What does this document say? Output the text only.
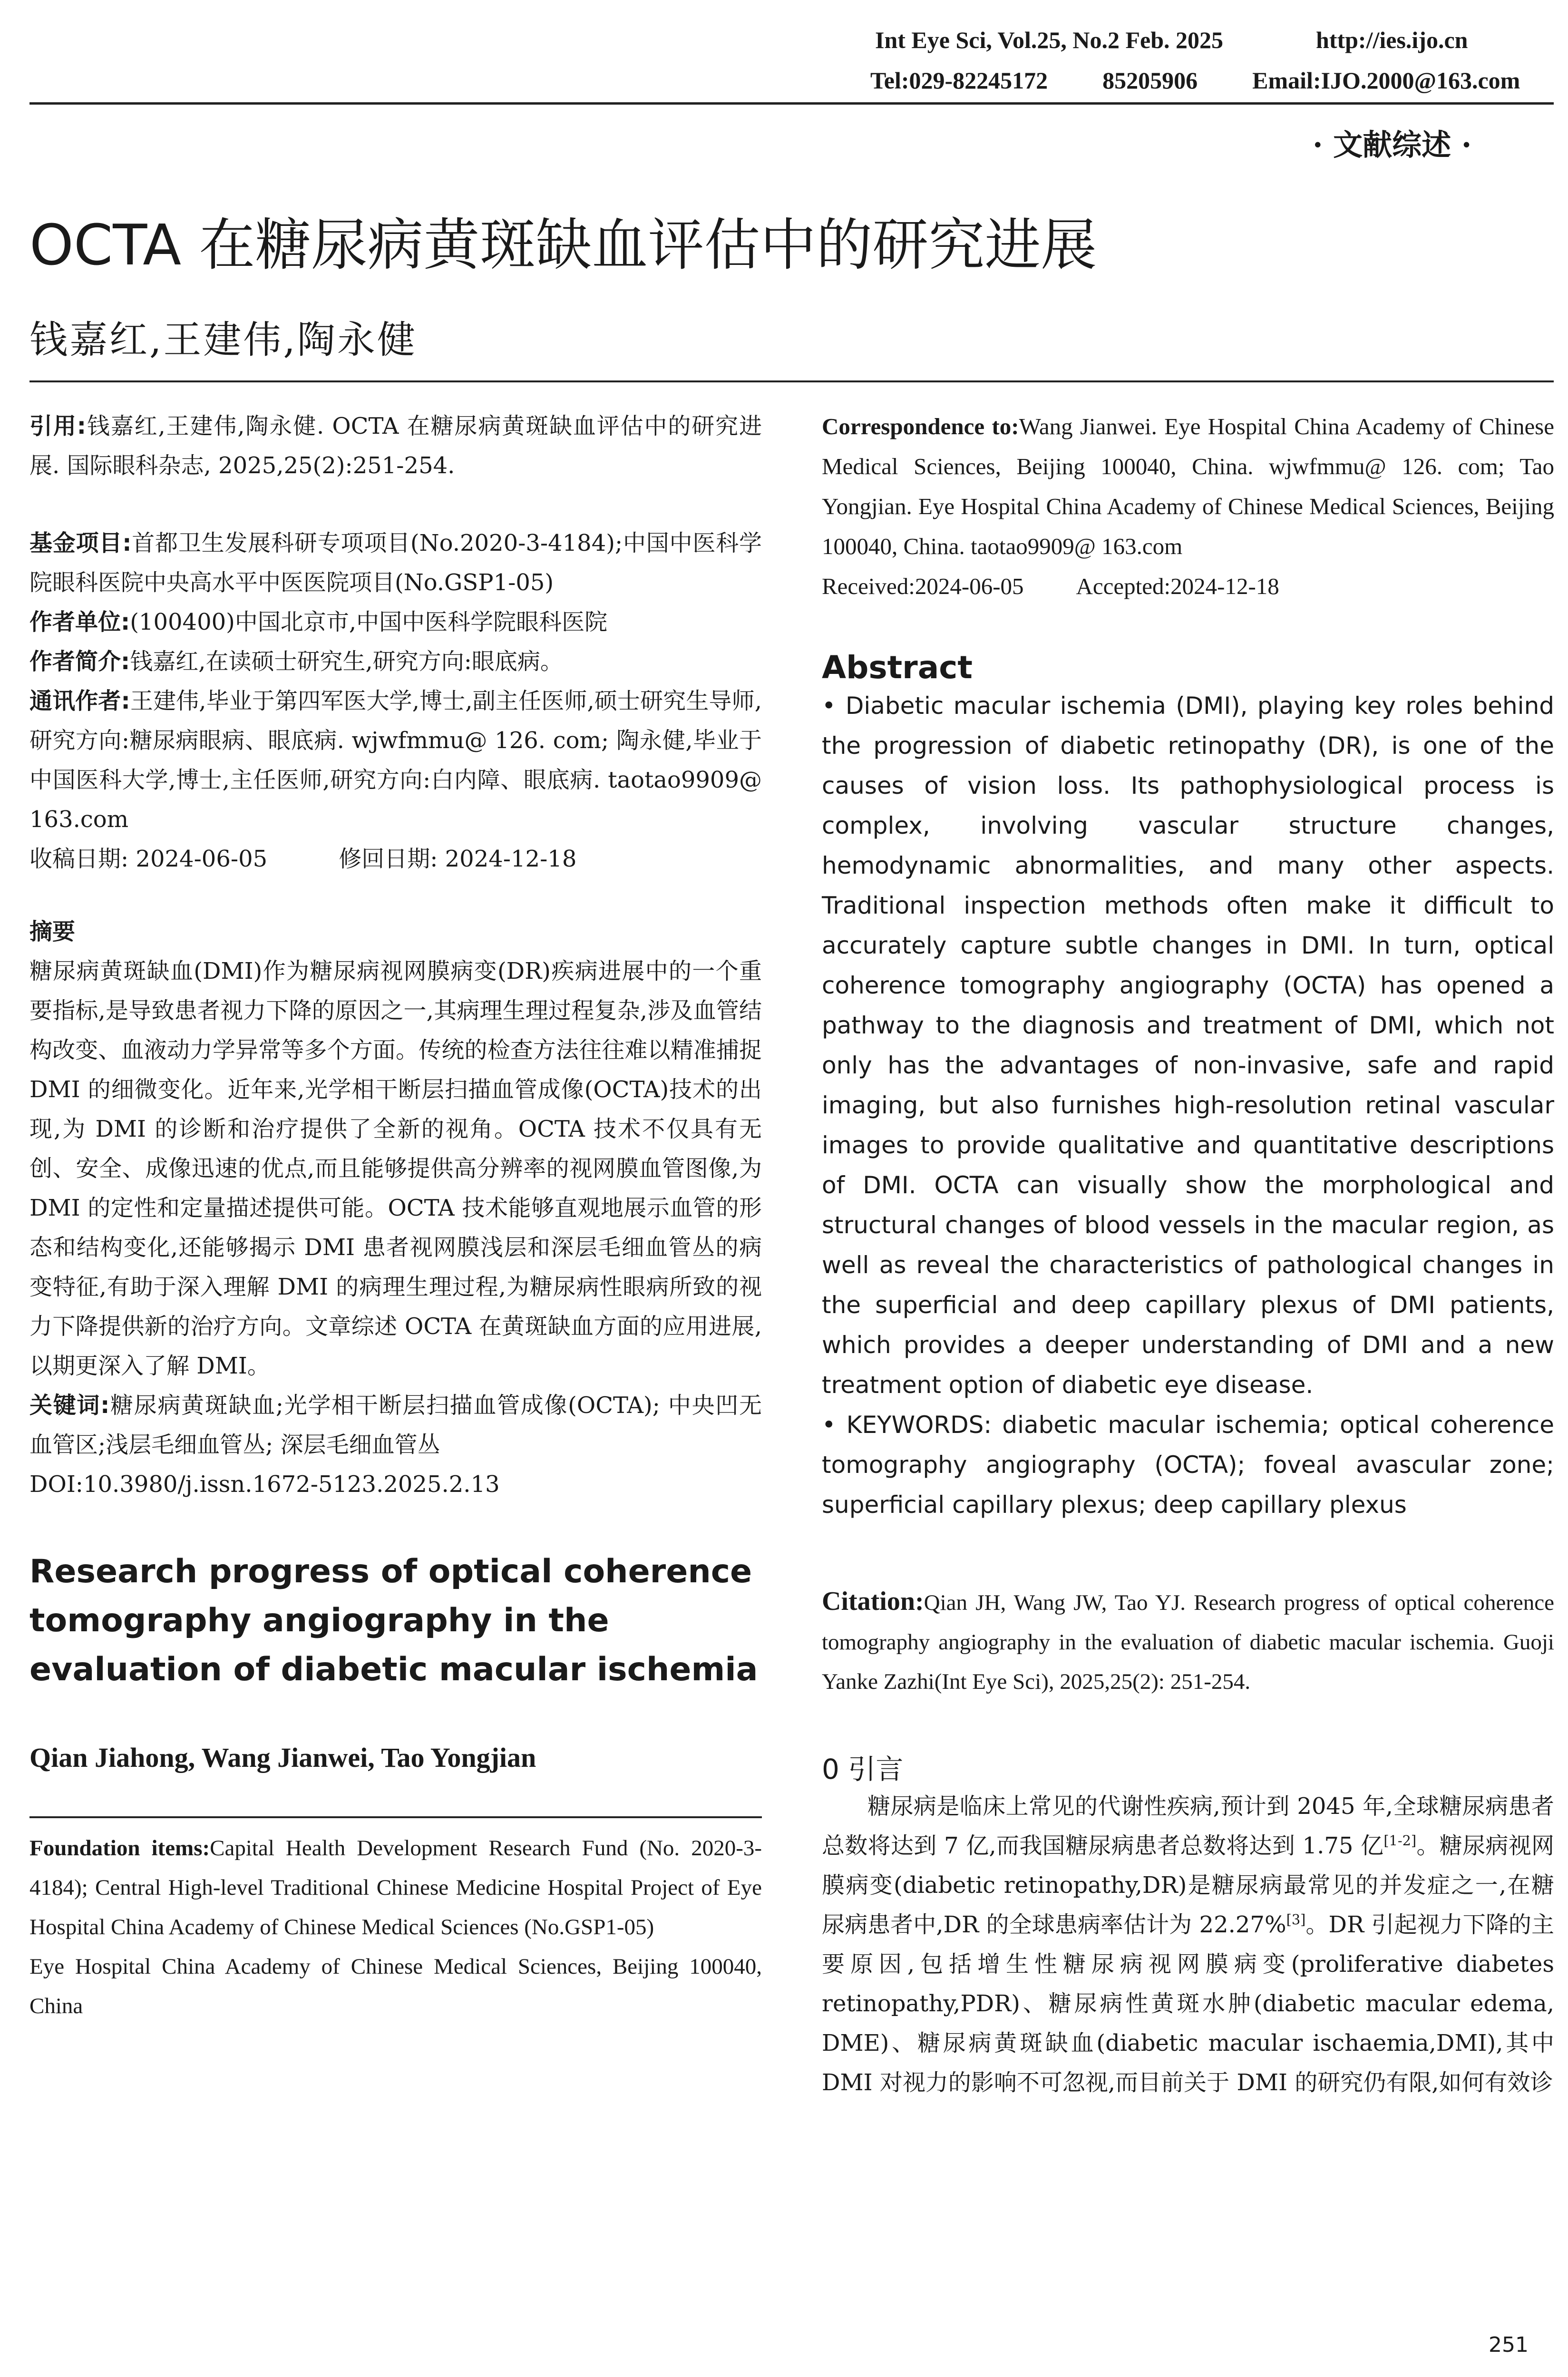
Int Eye Sci, Vol.25, No.2 Feb. 2025	http://ies.ijo.cn
Tel:029-82245172 85205906 Email:IJO.2000@163.com
· 文献综述 ·
OCTA 在糖尿病黄斑缺血评估中的研究进展
钱嘉红,王建伟,陶永健
引用:钱嘉红,王建伟,陶永健. OCTA 在糖尿病黄斑缺血评估中的研究进展. 国际眼科杂志, 2025,25(2):251-254.
基金项目:首都卫生发展科研专项项目(No.2020-3-4184);中国中医科学院眼科医院中央高水平中医医院项目(No.GSP1-05)
作者单位:(100400)中国北京市,中国中医科学院眼科医院
作者简介:钱嘉红,在读硕士研究生,研究方向:眼底病。
通讯作者:王建伟,毕业于第四军医大学,博士,副主任医师,硕士研究生导师,研究方向:糖尿病眼病、眼底病. wjwfmmu@ 126. com; 陶永健,毕业于中国医科大学,博士,主任医师,研究方向:白内障、眼底病. taotao9909@ 163.com
收稿日期: 2024-06-05	修回日期: 2024-12-18
摘要
糖尿病黄斑缺血(DMI)作为糖尿病视网膜病变(DR)疾病进展中的一个重要指标,是导致患者视力下降的原因之一,其病理生理过程复杂,涉及血管结构改变、血液动力学异常等多个方面。传统的检查方法往往难以精准捕捉DMI 的细微变化。近年来,光学相干断层扫描血管成像(OCTA)技术的出现,为 DMI 的诊断和治疗提供了全新的视角。OCTA 技术不仅具有无创、安全、成像迅速的优点,而且能够提供高分辨率的视网膜血管图像,为 DMI 的定性和定量描述提供可能。OCTA 技术能够直观地展示血管的形态和结构变化,还能够揭示 DMI 患者视网膜浅层和深层毛细血管丛的病变特征,有助于深入理解 DMI 的病理生理过程,为糖尿病性眼病所致的视力下降提供新的治疗方向。文章综述 OCTA 在黄斑缺血方面的应用进展,以期更深入了解 DMI。
关键词:糖尿病黄斑缺血;光学相干断层扫描血管成像(OCTA); 中央凹无血管区;浅层毛细血管丛; 深层毛细血管丛
DOI:10.3980/j.issn.1672-5123.2025.2.13
Research progress of optical coherence tomography angiography in the evaluation of diabetic macular ischemia
Qian Jiahong, Wang Jianwei, Tao Yongjian
Foundation items:Capital Health Development Research Fund (No. 2020-3-4184); Central High-level Traditional Chinese Medicine Hospital Project of Eye Hospital China Academy of Chinese Medical Sciences (No.GSP1-05)
Eye Hospital China Academy of Chinese Medical Sciences, Beijing 100040, China
Correspondence to:Wang Jianwei. Eye Hospital China Academy of Chinese Medical Sciences, Beijing 100040, China. wjwfmmu@ 126. com; Tao Yongjian. Eye Hospital China Academy of Chinese Medical Sciences, Beijing 100040, China. taotao9909@ 163.com
Received:2024-06-05 Accepted:2024-12-18
Abstract
• Diabetic macular ischemia (DMI), playing key roles behind the progression of diabetic retinopathy (DR), is one of the causes of vision loss. Its pathophysiological process is complex, involving vascular structure changes, hemodynamic abnormalities, and many other aspects. Traditional inspection methods often make it difficult to accurately capture subtle changes in DMI. In turn, optical coherence tomography angiography (OCTA) has opened a pathway to the diagnosis and treatment of DMI, which not only has the advantages of non-invasive, safe and rapid imaging, but also furnishes high-resolution retinal vascular images to provide qualitative and quantitative descriptions of DMI. OCTA can visually show the morphological and structural changes of blood vessels in the macular region, as well as reveal the characteristics of pathological changes in the superficial and deep capillary plexus of DMI patients, which provides a deeper understanding of DMI and a new treatment option of diabetic eye disease.
• KEYWORDS: diabetic macular ischemia; optical coherence tomography angiography (OCTA); foveal avascular zone; superficial capillary plexus; deep capillary plexus
Citation:Qian JH, Wang JW, Tao YJ. Research progress of optical coherence tomography angiography in the evaluation of diabetic macular ischemia. Guoji Yanke Zazhi(Int Eye Sci), 2025,25(2): 251-254.
0 引言
糖尿病是临床上常见的代谢性疾病,预计到 2045 年,全球糖尿病患者总数将达到 7 亿,而我国糖尿病患者总数将达到 1.75 亿[1-2]。糖尿病视网膜病变(diabetic retinopathy,DR)是糖尿病最常见的并发症之一,在糖尿病患者中,DR 的全球患病率估计为 22.27%[3]。DR 引起视力下降的主要原因,包括增生性糖尿病视网膜病变(proliferative diabetes retinopathy,PDR)、糖尿病性黄斑水肿(diabetic macular edema, DME)、糖尿病黄斑缺血(diabetic macular ischaemia,DMI),其中 DMI 对视力的影响不可忽视,而目前关于 DMI 的研究仍有限,如何有效诊
251
